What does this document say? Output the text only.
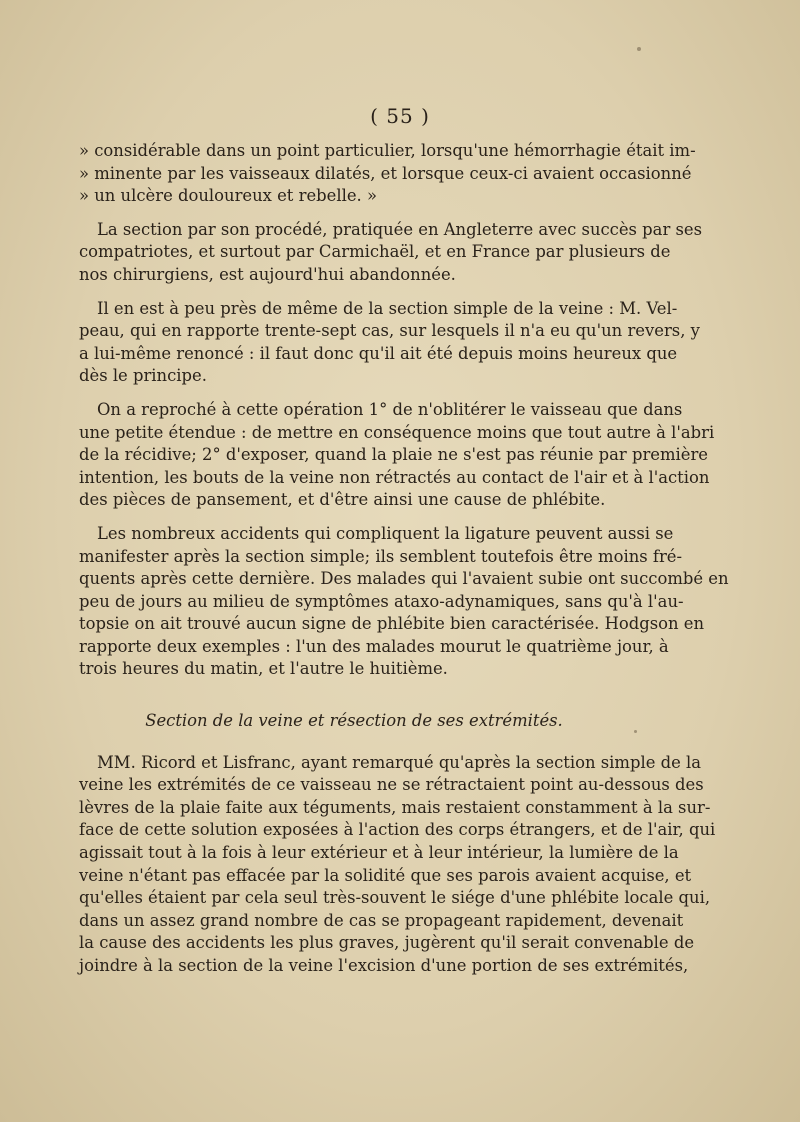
( 55 )
» considérable dans un point particulier, lorsqu'une hémorrhagie était im-
» minente par les vaisseaux dilatés, et lorsque ceux-ci avaient occasionné
» un ulcère douloureux et rebelle. »
La section par son procédé, pratiquée en Angleterre avec succès par ses
compatriotes, et surtout par Carmichaël, et en France par plusieurs de
nos chirurgiens, est aujourd'hui abandonnée.
Il en est à peu près de même de la section simple de la veine : M. Vel-
peau, qui en rapporte trente-sept cas, sur lesquels il n'a eu qu'un revers, y
a lui-même renoncé : il faut donc qu'il ait été depuis moins heureux que
dès le principe.
On a reproché à cette opération 1° de n'oblitérer le vaisseau que dans
une petite étendue : de mettre en conséquence moins que tout autre à l'abri
de la récidive; 2° d'exposer, quand la plaie ne s'est pas réunie par première
intention, les bouts de la veine non rétractés au contact de l'air et à l'action
des pièces de pansement, et d'être ainsi une cause de phlébite.
Les nombreux accidents qui compliquent la ligature peuvent aussi se
manifester après la section simple; ils semblent toutefois être moins fré-
quents après cette dernière. Des malades qui l'avaient subie ont succombé en
peu de jours au milieu de symptômes ataxo-adynamiques, sans qu'à l'au-
topsie on ait trouvé aucun signe de phlébite bien caractérisée. Hodgson en
rapporte deux exemples : l'un des malades mourut le quatrième jour, à
trois heures du matin, et l'autre le huitième.
Section de la veine et résection de ses extrémités.
MM. Ricord et Lisfranc, ayant remarqué qu'après la section simple de la
veine les extrémités de ce vaisseau ne se rétractaient point au-dessous des
lèvres de la plaie faite aux téguments, mais restaient constamment à la sur-
face de cette solution exposées à l'action des corps étrangers, et de l'air, qui
agissait tout à la fois à leur extérieur et à leur intérieur, la lumière de la
veine n'étant pas effacée par la solidité que ses parois avaient acquise, et
qu'elles étaient par cela seul très-souvent le siége d'une phlébite locale qui,
dans un assez grand nombre de cas se propageant rapidement, devenait
la cause des accidents les plus graves, jugèrent qu'il serait convenable de
joindre à la section de la veine l'excision d'une portion de ses extrémités,
